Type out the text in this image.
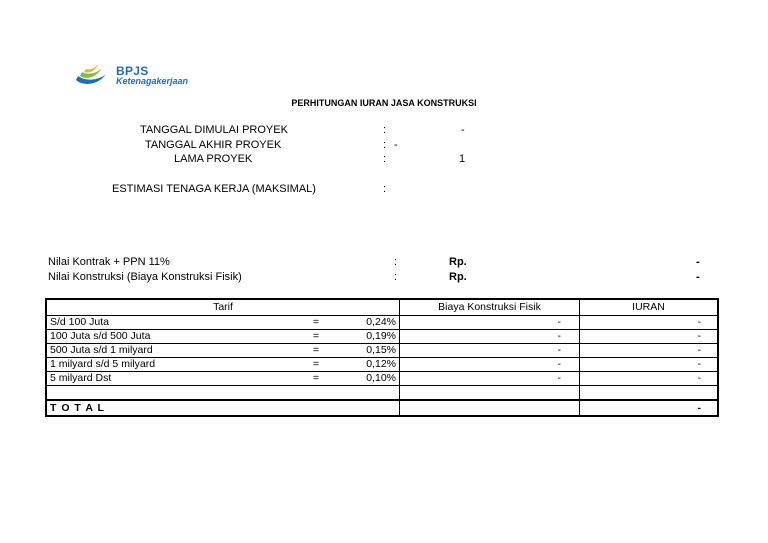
BPJS
Ketenagakerjaan
PERHITUNGAN IURAN JASA KONSTRUKSI
TANGGAL DIMULAI PROYEK	:	-
TANGGAL AKHIR PROYEK	: -
LAMA PROYEK	:	1
ESTIMASI TENAGA KERJA (MAKSIMAL)	:
Nilai Kontrak + PPN 11%	:	Rp.	-
Nilai Konstruksi (Biaya Konstruksi Fisik)	:	Rp.	-
Tarif			Biaya Konstruksi Fisik	IURAN
S/d 100 Juta	=	0,24%	-	-
100 Juta s/d 500 Juta	=	0,19%	-	-
500 Juta s/d 1 milyard	=	0,15%	-	-
1 milyard s/d 5 milyard	=	0,12%	-	-
5 milyard Dst	=	0,10%	-	-

T O T A L				-
